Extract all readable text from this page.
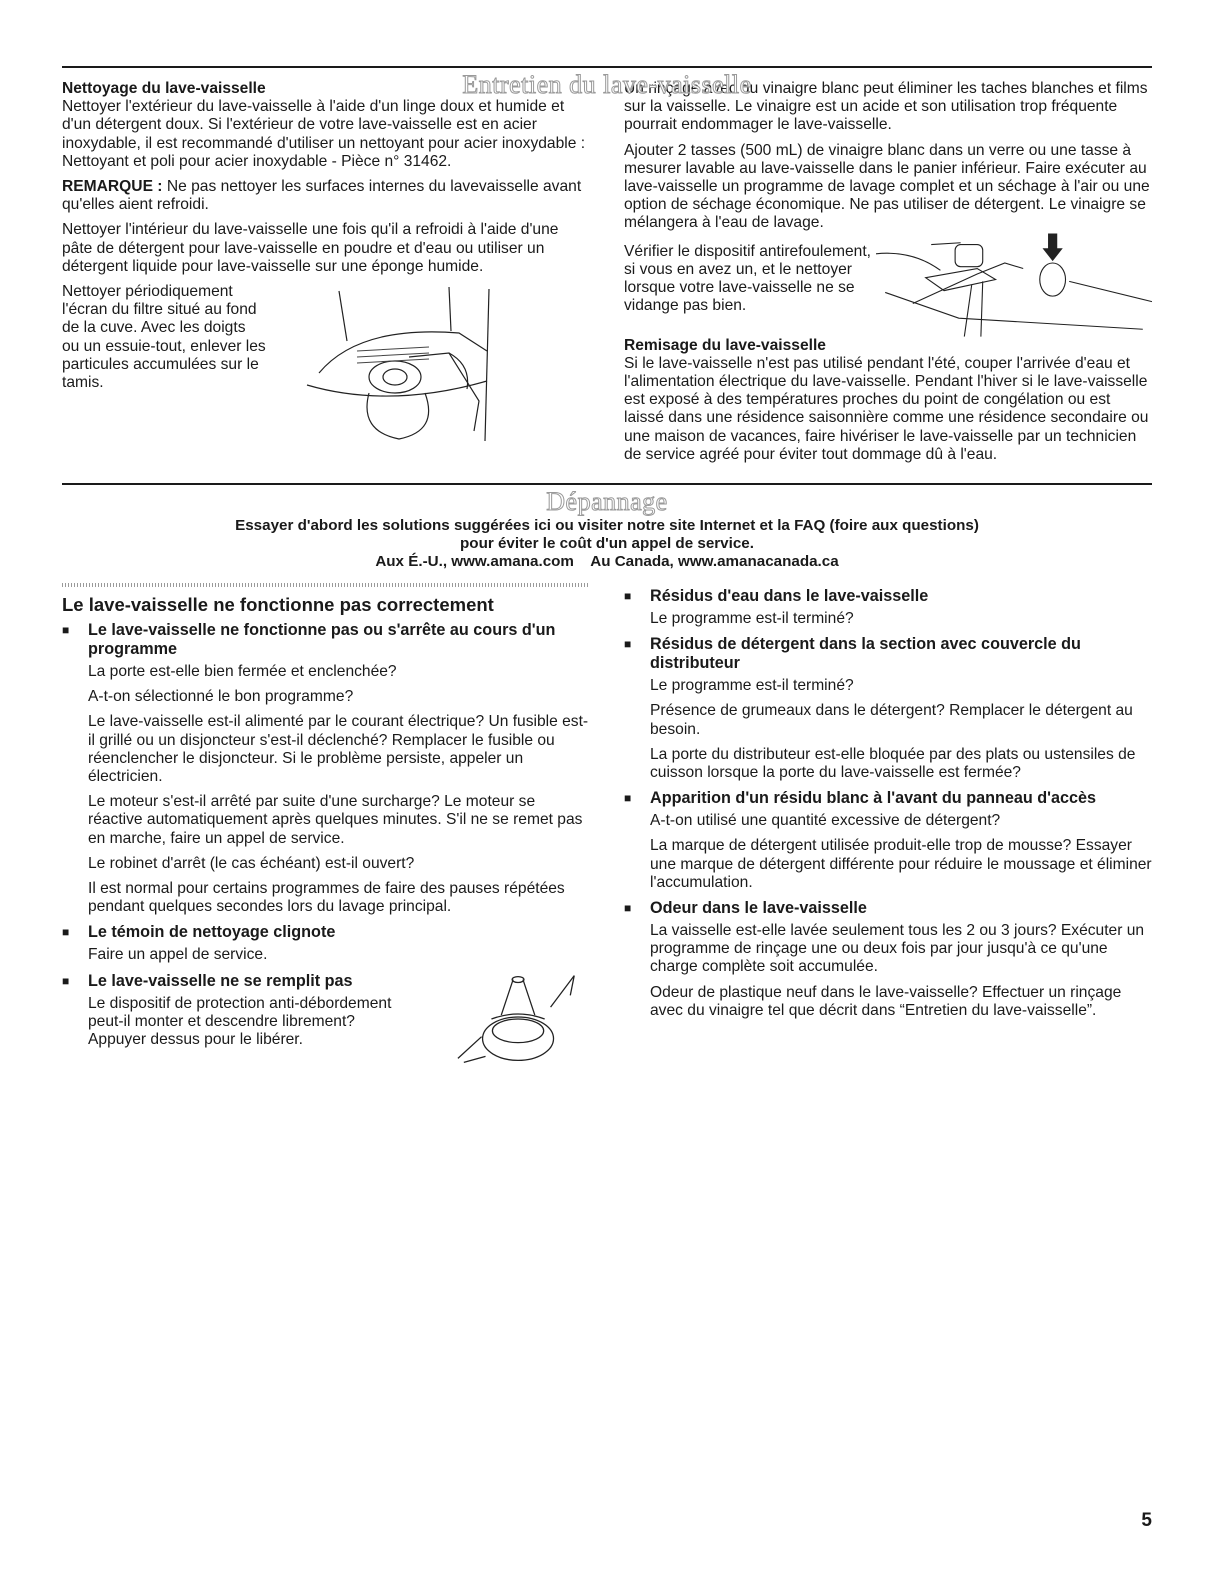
Entretien du lave-vaisselle

Nettoyage du lave-vaisselle

Nettoyer l'extérieur du lave-vaisselle à l'aide d'un linge doux et humide et d'un détergent doux. Si l'extérieur de votre lave-vaisselle est en acier inoxydable, il est recommandé d'utiliser un nettoyant pour acier inoxydable : Nettoyant et poli pour acier inoxydable - Pièce n° 31462.

REMARQUE : Ne pas nettoyer les surfaces internes du lavevaisselle avant qu'elles aient refroidi.

Nettoyer l'intérieur du lave-vaisselle une fois qu'il a refroidi à l'aide d'une pâte de détergent pour lave-vaisselle en poudre et d'eau ou utiliser un détergent liquide pour lave-vaisselle sur une éponge humide.

Nettoyer périodiquement l'écran du filtre situé au fond de la cuve. Avec les doigts ou un essuie-tout, enlever les particules accumulées sur le tamis.

Un rinçage avec du vinaigre blanc peut éliminer les taches blanches et films sur la vaisselle. Le vinaigre est un acide et son utilisation trop fréquente pourrait endommager le lave-vaisselle.

Ajouter 2 tasses (500 mL) de vinaigre blanc dans un verre ou une tasse à mesurer lavable au lave-vaisselle dans le panier inférieur. Faire exécuter au lave-vaisselle un programme de lavage complet et un séchage à l'air ou une option de séchage économique. Ne pas utiliser de détergent. Le vinaigre se mélangera à l'eau de lavage.

Vérifier le dispositif antirefoulement, si vous en avez un, et le nettoyer lorsque votre lave-vaisselle ne se vidange pas bien.

Remisage du lave-vaisselle

Si le lave-vaisselle n'est pas utilisé pendant l'été, couper l'arrivée d'eau et l'alimentation électrique du lave-vaisselle. Pendant l'hiver si le lave-vaisselle est exposé à des températures proches du point de congélation ou est laissé dans une résidence saisonnière comme une résidence secondaire ou une maison de vacances, faire hivériser le lave-vaisselle par un technicien de service agréé pour éviter tout dommage dû à l'eau.

Dépannage
Essayer d'abord les solutions suggérées ici ou visiter notre site Internet et la FAQ (foire aux questions)
pour éviter le coût d'un appel de service.
Aux É.-U., www.amana.com    Au Canada, www.amanacanada.ca
Le lave-vaisselle ne fonctionne pas correctement
■	Le lave-vaisselle ne fonctionne pas ou s'arrête au cours d'un programme

La porte est-elle bien fermée et enclenchée?

A-t-on sélectionné le bon programme?

Le lave-vaisselle est-il alimenté par le courant électrique? Un fusible est-il grillé ou un disjoncteur s'est-il déclenché? Remplacer le fusible ou réenclencher le disjoncteur. Si le problème persiste, appeler un électricien.

Le moteur s'est-il arrêté par suite d'une surcharge? Le moteur se réactive automatiquement après quelques minutes. S'il ne se remet pas en marche, faire un appel de service.

Le robinet d'arrêt (le cas échéant) est-il ouvert?

Il est normal pour certains programmes de faire des pauses répétées pendant quelques secondes lors du lavage principal.

■	Le témoin de nettoyage clignote

Faire un appel de service.

■	Le lave-vaisselle ne se remplit pas

Le dispositif de protection anti-débordement peut-il monter et descendre librement? Appuyer dessus pour le libérer.

■	Résidus d'eau dans le lave-vaisselle

Le programme est-il terminé?

■	Résidus de détergent dans la section avec couvercle du distributeur

Le programme est-il terminé?

Présence de grumeaux dans le détergent? Remplacer le détergent au besoin.

La porte du distributeur est-elle bloquée par des plats ou ustensiles de cuisson lorsque la porte du lave-vaisselle est fermée?

■	Apparition d'un résidu blanc à l'avant du panneau d'accès

A-t-on utilisé une quantité excessive de détergent?

La marque de détergent utilisée produit-elle trop de mousse? Essayer une marque de détergent différente pour réduire le moussage et éliminer l'accumulation.

■	Odeur dans le lave-vaisselle

La vaisselle est-elle lavée seulement tous les 2 ou 3 jours? Exécuter un programme de rinçage une ou deux fois par jour jusqu'à ce qu'une charge complète soit accumulée.

Odeur de plastique neuf dans le lave-vaisselle? Effectuer un rinçage avec du vinaigre tel que décrit dans “Entretien du lave-vaisselle”.

5
